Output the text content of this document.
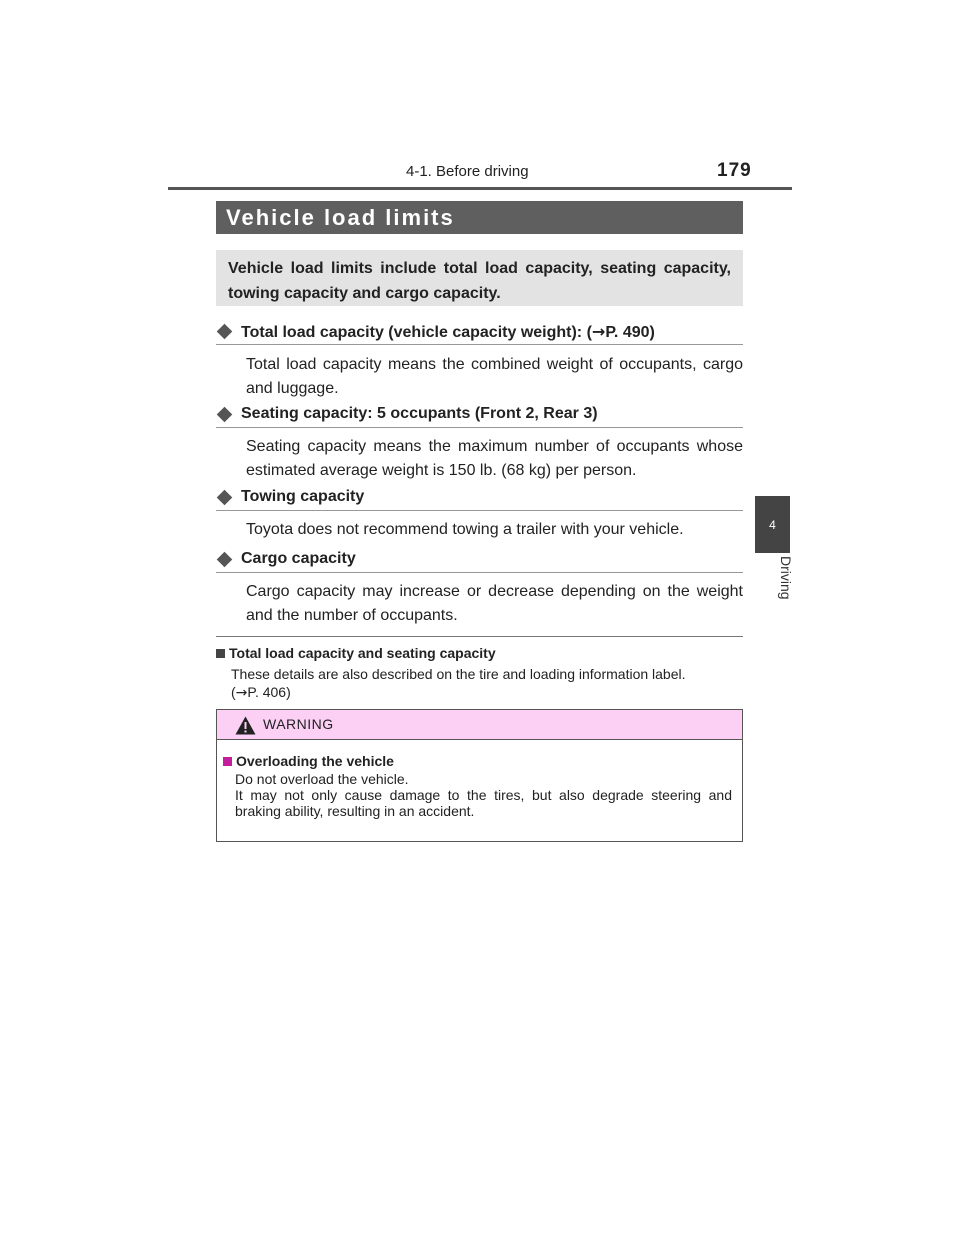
4-1. Before driving	179
4
Driving
Vehicle load limits

Vehicle load limits include total load capacity, seating capacity, towing capacity and cargo capacity.

Total load capacity (vehicle capacity weight): (→P. 490)

Total load capacity means the combined weight of occupants, cargo and luggage.

Seating capacity: 5 occupants (Front 2, Rear 3)

Seating capacity means the maximum number of occupants whose estimated average weight is 150 lb. (68 kg) per person.

Towing capacity

Toyota does not recommend towing a trailer with your vehicle.

Cargo capacity

Cargo capacity may increase or decrease depending on the weight and the number of occupants.

Total load capacity and seating capacity

These details are also described on the tire and loading information label.
(→P. 406)

WARNING
Overloading the vehicle

Do not overload the vehicle.
It may not only cause damage to the tires, but also degrade steering and braking ability, resulting in an accident.
